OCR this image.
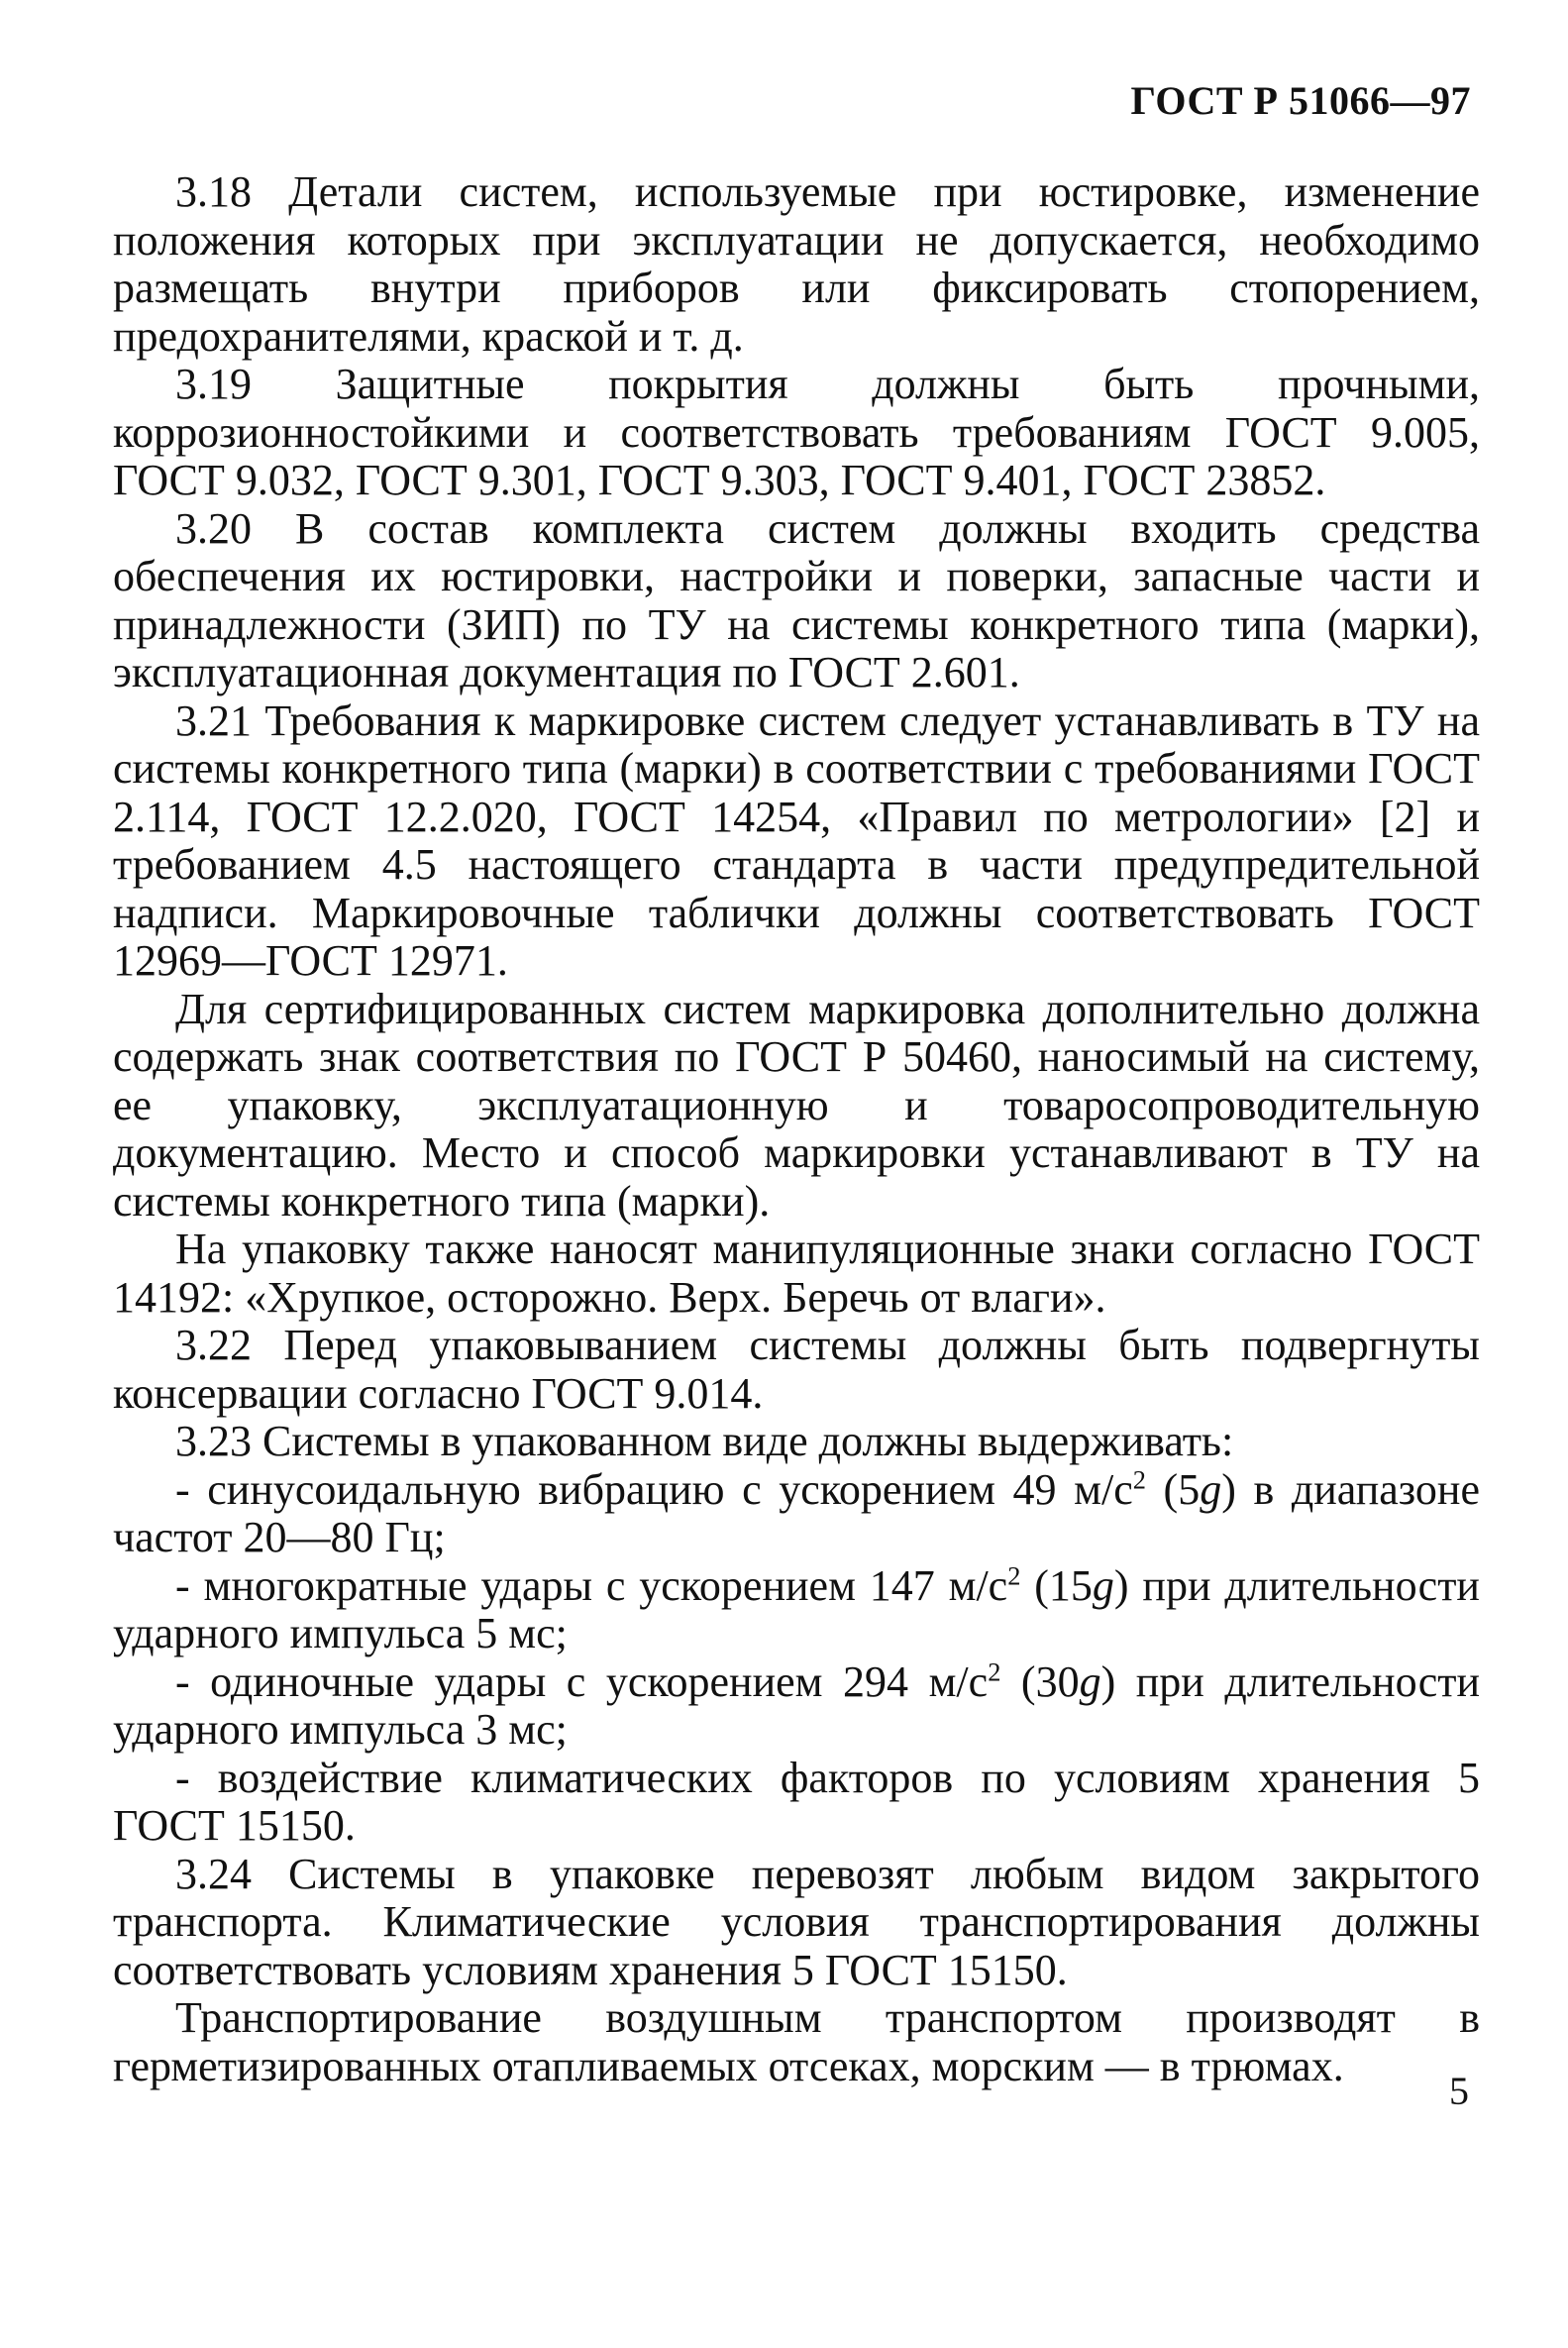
ГОСТ Р 51066—97

3.18 Детали систем, используемые при юстировке, изменение положения которых при эксплуатации не допускается, необходимо размещать внутри приборов или фиксировать стопорением, предохранителями, краской и т. д.

3.19 Защитные покрытия должны быть прочными, коррозионностойкими и соответствовать требованиям ГОСТ 9.005, ГОСТ 9.032, ГОСТ 9.301, ГОСТ 9.303, ГОСТ 9.401, ГОСТ 23852.

3.20 В состав комплекта систем должны входить средства обеспечения их юстировки, настройки и поверки, запасные части и принадлежности (ЗИП) по ТУ на системы конкретного типа (марки), эксплуатационная документация по ГОСТ 2.601.

3.21 Требования к маркировке систем следует устанавливать в ТУ на системы конкретного типа (марки) в соответствии с требованиями ГОСТ 2.114, ГОСТ 12.2.020, ГОСТ 14254, «Правил по метрологии» [2] и требованием 4.5 настоящего стандарта в части предупредительной надписи. Маркировочные таблички должны соответствовать ГОСТ 12969—ГОСТ 12971.

Для сертифицированных систем маркировка дополнительно должна содержать знак соответствия по ГОСТ Р 50460, наносимый на систему, ее упаковку, эксплуатационную и товаросопроводительную документацию. Место и способ маркировки устанавливают в ТУ на системы конкретного типа (марки).

На упаковку также наносят манипуляционные знаки согласно ГОСТ 14192: «Хрупкое, осторожно. Верх. Беречь от влаги».

3.22 Перед упаковыванием системы должны быть подвергнуты консервации согласно ГОСТ 9.014.

3.23 Системы в упакованном виде должны выдерживать:

- синусоидальную вибрацию с ускорением 49 $м/с^2$ (5g) в диапазоне частот 20—80 Гц;

- многократные удары с ускорением 147 $м/с^2$ (15g) при длительности ударного импульса 5 мс;

- одиночные удары с ускорением 294 $м/с^2$ (30g) при длительности ударного импульса 3 мс;

- воздействие климатических факторов по условиям хранения 5 ГОСТ 15150.

3.24 Системы в упаковке перевозят любым видом закрытого транспорта. Климатические условия транспортирования должны соответствовать условиям хранения 5 ГОСТ 15150.

Транспортирование воздушным транспортом производят в герметизированных отапливаемых отсеках, морским — в трюмах.

5
